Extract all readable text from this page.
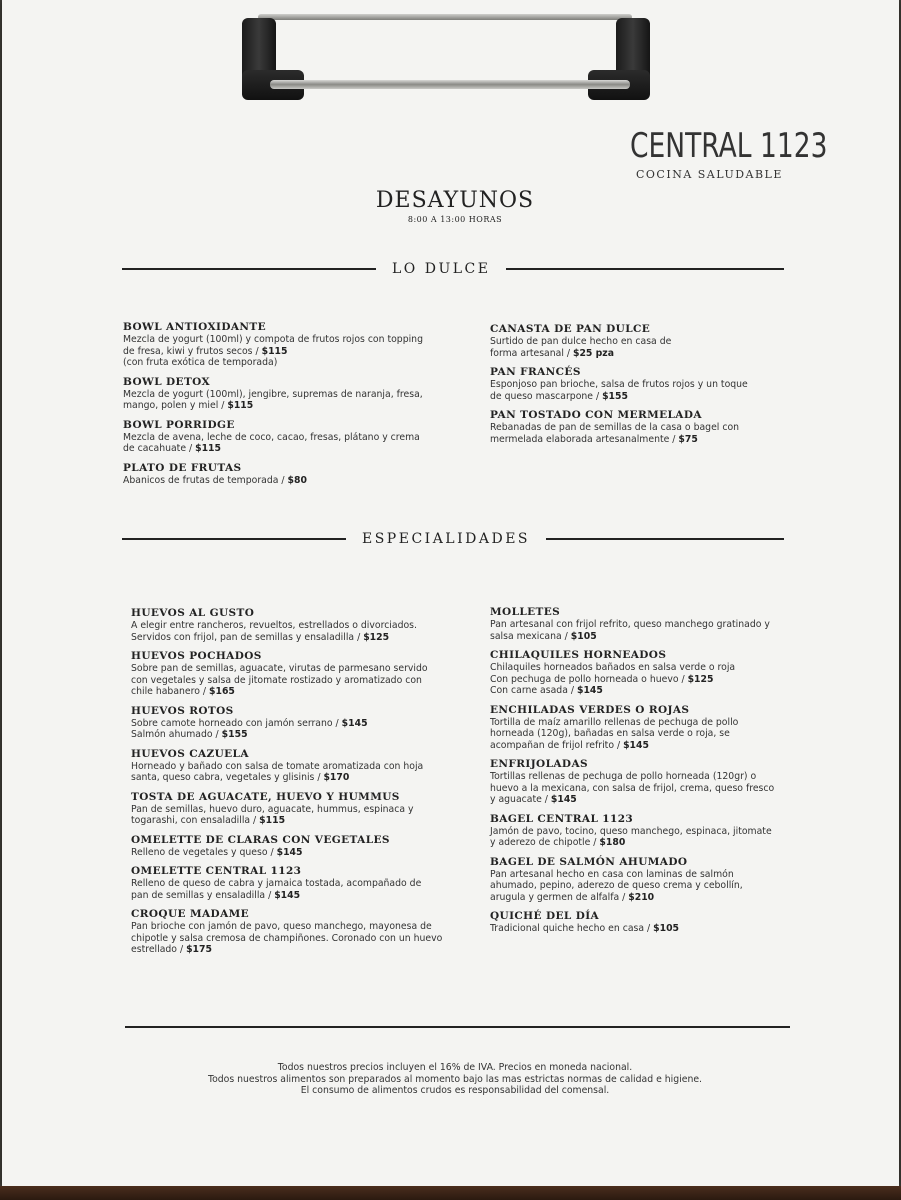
CENTRAL 1123
COCINA SALUDABLE
DESAYUNOS
8:00 A 13:00 HORAS
LO DULCE
BOWL ANTIOXIDANTE
Mezcla de yogurt (100ml) y compota de frutos rojos con topping
de fresa, kiwi y frutos secos / $115
(con fruta exótica de temporada)
BOWL DETOX
Mezcla de yogurt (100ml), jengibre, supremas de naranja, fresa,
mango, polen y miel / $115
BOWL PORRIDGE
Mezcla de avena, leche de coco, cacao, fresas, plátano y crema
de cacahuate / $115
PLATO DE FRUTAS
Abanicos de frutas de temporada / $80
CANASTA DE PAN DULCE
Surtido de pan dulce hecho en casa de
forma artesanal / $25 pza
PAN FRANCÉS
Esponjoso pan brioche, salsa de frutos rojos y un toque
de queso mascarpone / $155
PAN TOSTADO CON MERMELADA
Rebanadas de pan de semillas de la casa o bagel con
mermelada elaborada artesanalmente / $75
ESPECIALIDADES
HUEVOS AL GUSTO
A elegir entre rancheros, revueltos, estrellados o divorciados.
Servidos con frijol, pan de semillas y ensaladilla / $125
HUEVOS POCHADOS
Sobre pan de semillas, aguacate, virutas de parmesano servido
con vegetales y salsa de jitomate rostizado y aromatizado con
chile habanero / $165
HUEVOS ROTOS
Sobre camote horneado con jamón serrano / $145
Salmón ahumado / $155
HUEVOS CAZUELA
Horneado y bañado con salsa de tomate aromatizada con hoja
santa, queso cabra, vegetales y glisinis / $170
TOSTA DE AGUACATE, HUEVO Y HUMMUS
Pan de semillas, huevo duro, aguacate, hummus, espinaca y
togarashi, con ensaladilla / $115
OMELETTE DE CLARAS CON VEGETALES
Relleno de vegetales y queso / $145
OMELETTE CENTRAL 1123
Relleno de queso de cabra y jamaica tostada, acompañado de
pan de semillas y ensaladilla / $145
CROQUE MADAME
Pan brioche con jamón de pavo, queso manchego, mayonesa de
chipotle y salsa cremosa de champiñones. Coronado con un huevo
estrellado / $175
MOLLETES
Pan artesanal con frijol refrito, queso manchego gratinado y
salsa mexicana / $105
CHILAQUILES HORNEADOS
Chilaquiles horneados bañados en salsa verde o roja
Con pechuga de pollo horneada o huevo / $125
Con carne asada / $145
ENCHILADAS VERDES O ROJAS
Tortilla de maíz amarillo rellenas de pechuga de pollo
horneada (120g), bañadas en salsa verde o roja, se
acompañan de frijol refrito / $145
ENFRIJOLADAS
Tortillas rellenas de pechuga de pollo horneada (120gr) o
huevo a la mexicana, con salsa de frijol, crema, queso fresco
y aguacate / $145
BAGEL CENTRAL 1123
Jamón de pavo, tocino, queso manchego, espinaca, jitomate
y aderezo de chipotle / $180
BAGEL DE SALMÓN AHUMADO
Pan artesanal hecho en casa con laminas de salmón
ahumado, pepino, aderezo de queso crema y cebollín,
arugula y germen de alfalfa / $210
QUICHÉ DEL DÍA
Tradicional quiche hecho en casa / $105
Todos nuestros precios incluyen el 16% de IVA. Precios en moneda nacional.
Todos nuestros alimentos son preparados al momento bajo las mas estrictas normas de calidad e higiene.
El consumo de alimentos crudos es responsabilidad del comensal.
